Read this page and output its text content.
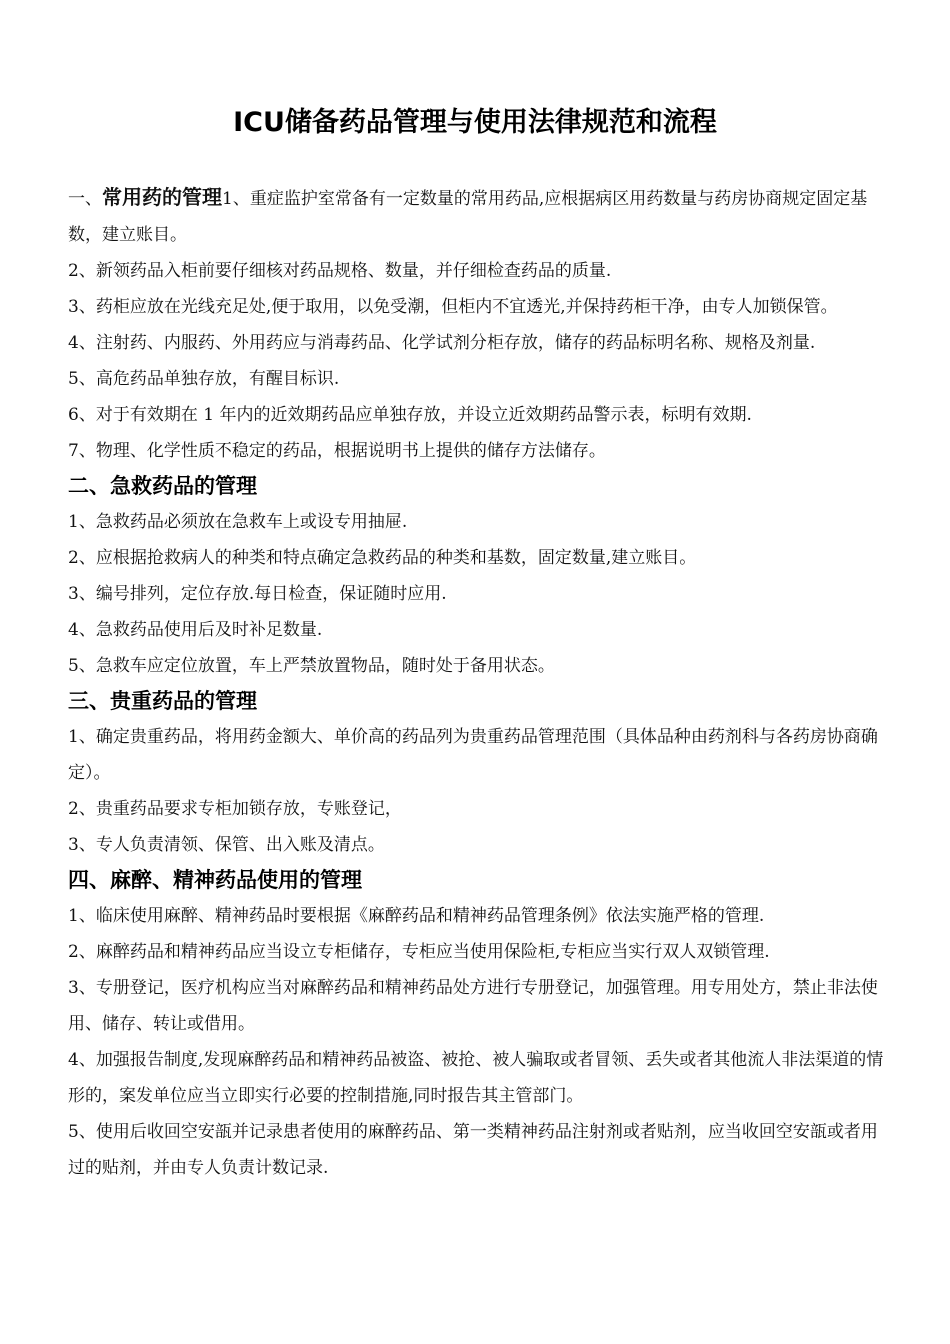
ICU储备药品管理与使用法律规范和流程

一、常用药的管理1、重症监护室常备有一定数量的常用药品,应根据病区用药数量与药房协商规定固定基数，建立账目。

2、新领药品入柜前要仔细核对药品规格、数量，并仔细检查药品的质量.

3、药柜应放在光线充足处,便于取用，以免受潮，但柜内不宜透光,并保持药柜干净，由专人加锁保管。

4、注射药、内服药、外用药应与消毒药品、化学试剂分柜存放，储存的药品标明名称、规格及剂量.

5、高危药品单独存放，有醒目标识.

6、对于有效期在 1 年内的近效期药品应单独存放，并设立近效期药品警示表，标明有效期.

7、物理、化学性质不稳定的药品，根据说明书上提供的储存方法储存。

二、急救药品的管理

1、急救药品必须放在急救车上或设专用抽屉.

2、应根据抢救病人的种类和特点确定急救药品的种类和基数，固定数量,建立账目。

3、编号排列，定位存放.每日检查，保证随时应用.

4、急救药品使用后及时补足数量.

5、急救车应定位放置，车上严禁放置物品，随时处于备用状态。

三、贵重药品的管理

1、确定贵重药品，将用药金额大、单价高的药品列为贵重药品管理范围（具体品种由药剂科与各药房协商确定）。

2、贵重药品要求专柜加锁存放，专账登记，

3、专人负责清领、保管、出入账及清点。

四、麻醉、精神药品使用的管理

1、临床使用麻醉、精神药品时要根据《麻醉药品和精神药品管理条例》依法实施严格的管理.

2、麻醉药品和精神药品应当设立专柜储存，专柜应当使用保险柜,专柜应当实行双人双锁管理.

3、专册登记，医疗机构应当对麻醉药品和精神药品处方进行专册登记，加强管理。用专用处方，禁止非法使用、储存、转让或借用。

4、加强报告制度,发现麻醉药品和精神药品被盗、被抢、被人骗取或者冒领、丢失或者其他流人非法渠道的情形的，案发单位应当立即实行必要的控制措施,同时报告其主管部门。

5、使用后收回空安瓿并记录患者使用的麻醉药品、第一类精神药品注射剂或者贴剂，应当收回空安瓿或者用过的贴剂，并由专人负责计数记录.
